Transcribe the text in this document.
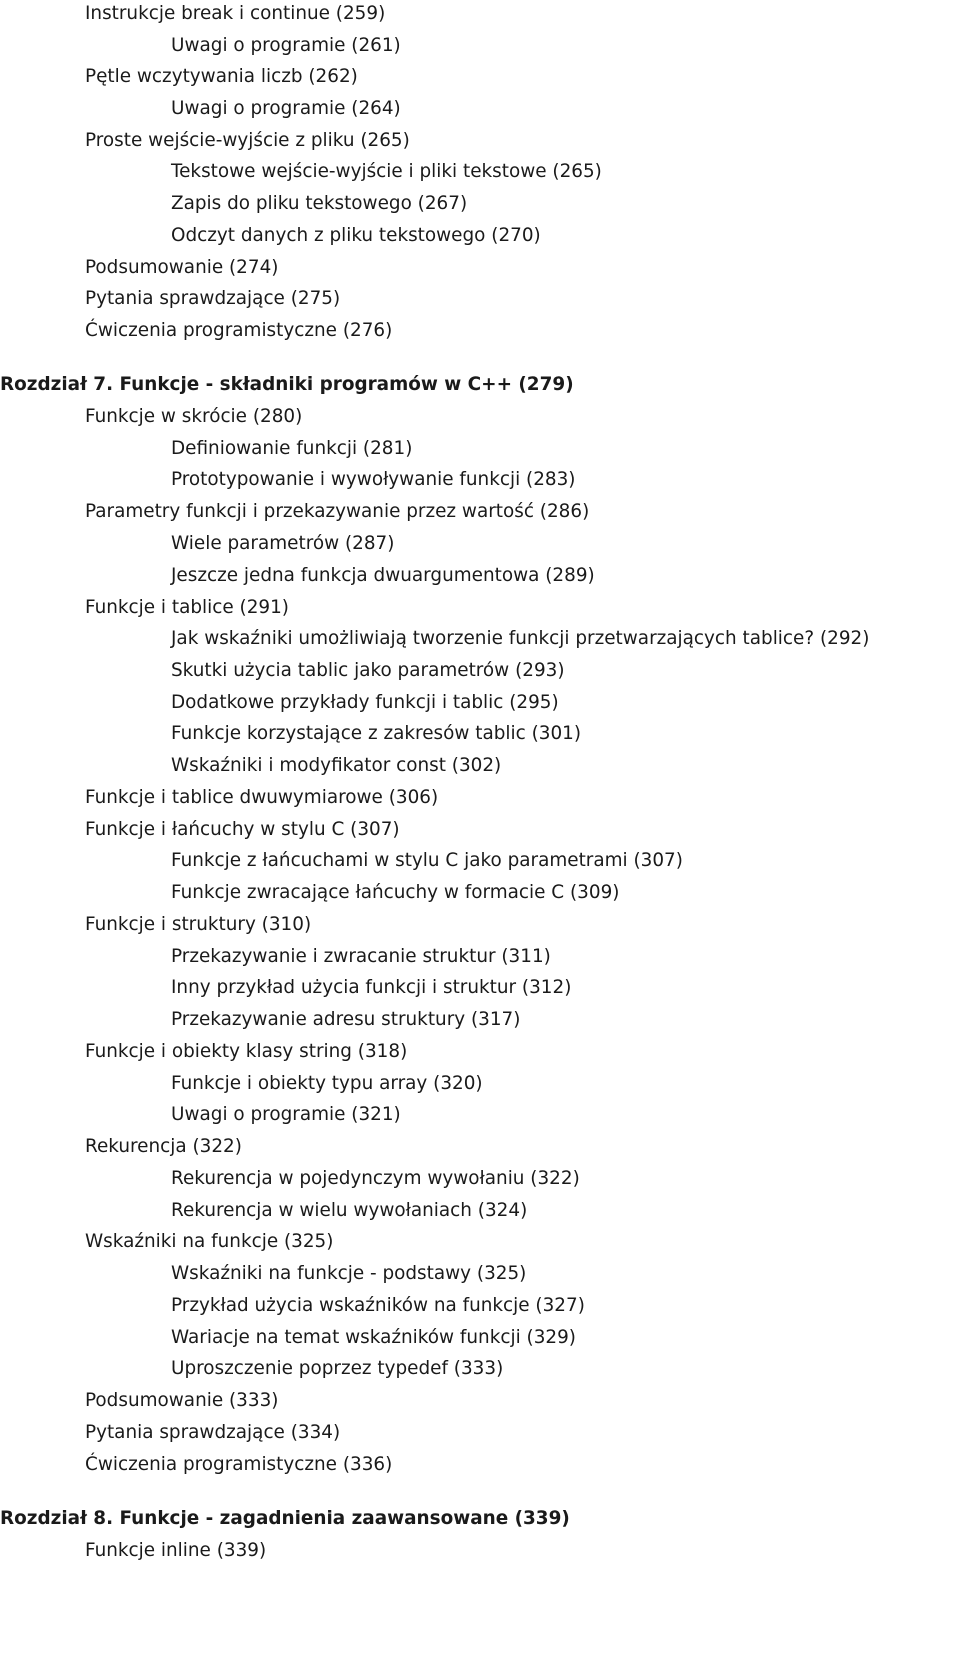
Instrukcje break i continue (259)
Uwagi o programie (261)
Pętle wczytywania liczb (262)
Uwagi o programie (264)
Proste wejście-wyjście z pliku (265)
Tekstowe wejście-wyjście i pliki tekstowe (265)
Zapis do pliku tekstowego (267)
Odczyt danych z pliku tekstowego (270)
Podsumowanie (274)
Pytania sprawdzające (275)
Ćwiczenia programistyczne (276)
Rozdział 7. Funkcje - składniki programów w C++ (279)
Funkcje w skrócie (280)
Definiowanie funkcji (281)
Prototypowanie i wywoływanie funkcji (283)
Parametry funkcji i przekazywanie przez wartość (286)
Wiele parametrów (287)
Jeszcze jedna funkcja dwuargumentowa (289)
Funkcje i tablice (291)
Jak wskaźniki umożliwiają tworzenie funkcji przetwarzających tablice? (292)
Skutki użycia tablic jako parametrów (293)
Dodatkowe przykłady funkcji i tablic (295)
Funkcje korzystające z zakresów tablic (301)
Wskaźniki i modyfikator const (302)
Funkcje i tablice dwuwymiarowe (306)
Funkcje i łańcuchy w stylu C (307)
Funkcje z łańcuchami w stylu C jako parametrami (307)
Funkcje zwracające łańcuchy w formacie C (309)
Funkcje i struktury (310)
Przekazywanie i zwracanie struktur (311)
Inny przykład użycia funkcji i struktur (312)
Przekazywanie adresu struktury (317)
Funkcje i obiekty klasy string (318)
Funkcje i obiekty typu array (320)
Uwagi o programie (321)
Rekurencja (322)
Rekurencja w pojedynczym wywołaniu (322)
Rekurencja w wielu wywołaniach (324)
Wskaźniki na funkcje (325)
Wskaźniki na funkcje - podstawy (325)
Przykład użycia wskaźników na funkcje (327)
Wariacje na temat wskaźników funkcji (329)
Uproszczenie poprzez typedef (333)
Podsumowanie (333)
Pytania sprawdzające (334)
Ćwiczenia programistyczne (336)
Rozdział 8. Funkcje - zagadnienia zaawansowane (339)
Funkcje inline (339)
